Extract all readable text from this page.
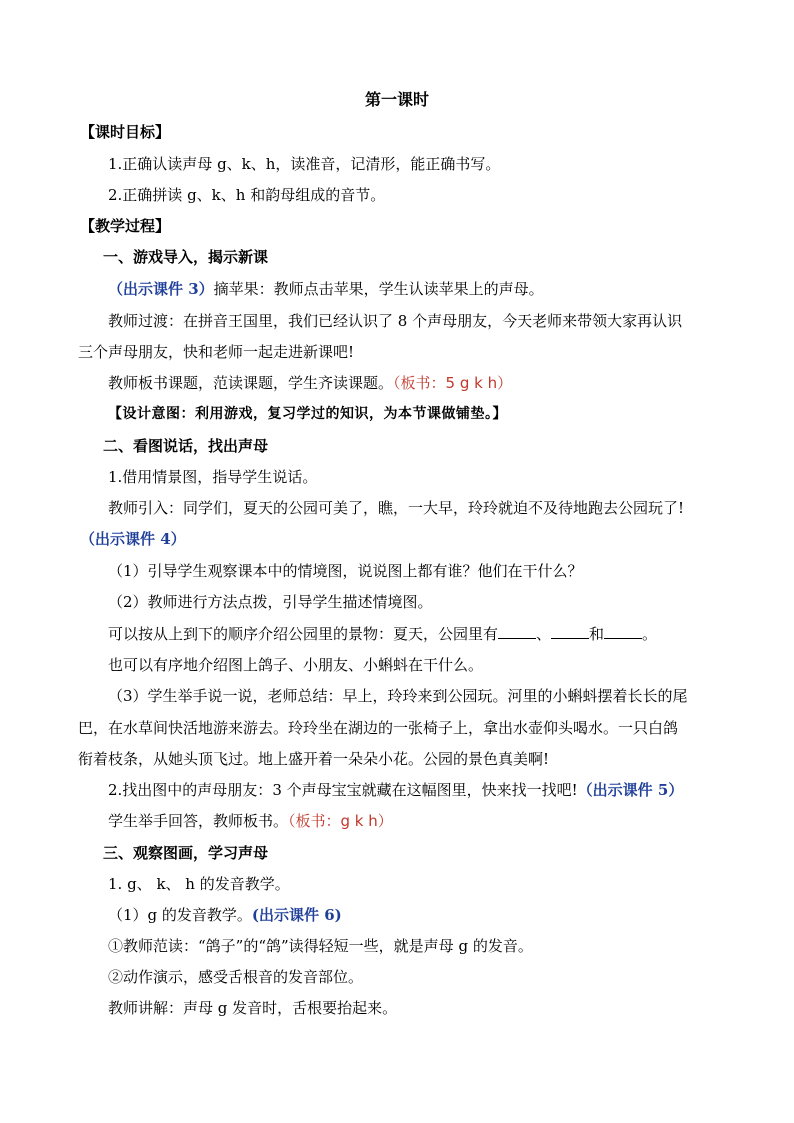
第一课时
【课时目标】
1.正确认读声母 g、k、h，读准音，记清形，能正确书写。
2.正确拼读 g、k、h 和韵母组成的音节。
【教学过程】
一、游戏导入，揭示新课
（出示课件 3）摘苹果：教师点击苹果，学生认读苹果上的声母。
教师过渡：在拼音王国里，我们已经认识了 8 个声母朋友，今天老师来带领大家再认识
三个声母朋友，快和老师一起走进新课吧!
教师板书课题，范读课题，学生齐读课题。（板书：5 g k h）
【设计意图：利用游戏，复习学过的知识，为本节课做铺垫。】
二、看图说话，找出声母
1.借用情景图，指导学生说话。
教师引入：同学们，夏天的公园可美了，瞧，一大早，玲玲就迫不及待地跑去公园玩了!
（出示课件 4）
（1）引导学生观察课本中的情境图，说说图上都有谁？他们在干什么？
（2）教师进行方法点拨，引导学生描述情境图。
可以按从上到下的顺序介绍公园里的景物：夏天，公园里有	、	和	。
也可以有序地介绍图上鸽子、小朋友、小蝌蚪在干什么。
（3）学生举手说一说，老师总结：早上，玲玲来到公园玩。河里的小蝌蚪摆着长长的尾
巴，在水草间快活地游来游去。玲玲坐在湖边的一张椅子上，拿出水壶仰头喝水。一只白鸽
衔着枝条，从她头顶飞过。地上盛开着一朵朵小花。公园的景色真美啊!
2.找出图中的声母朋友：3 个声母宝宝就藏在这幅图里，快来找一找吧!（出示课件 5）
学生举手回答，教师板书。（板书：g k h）
三、观察图画，学习声母
1. g、 k、 h 的发音教学。
（1）g 的发音教学。(出示课件 6)
①教师范读：“鸽子”的“鸽”读得轻短一些，就是声母 g 的发音。
②动作演示，感受舌根音的发音部位。
教师讲解：声母 g 发音时，舌根要抬起来。
